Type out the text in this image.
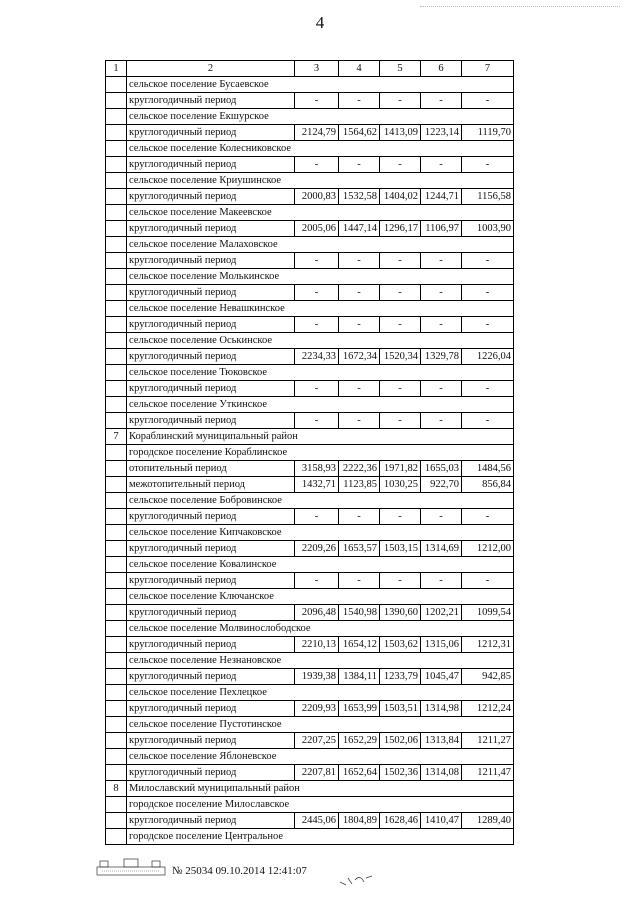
4
1	2	3	4	5	6	7
	сельское поселение Бусаевское					
	круглогодичный период	-	-	-	-	-
	сельское поселение Екшурское					
	круглогодичный период	2124,79	1564,62	1413,09	1223,14	1119,70
	сельское поселение Колесниковское					
	круглогодичный период	-	-	-	-	-
	сельское поселение Криушинское					
	круглогодичный период	2000,83	1532,58	1404,02	1244,71	1156,58
	сельское поселение Макеевское					
	круглогодичный период	2005,06	1447,14	1296,17	1106,97	1003,90
	сельское поселение Малаховское					
	круглогодичный период	-	-	-	-	-
	сельское поселение Молькинское					
	круглогодичный период	-	-	-	-	-
	сельское поселение Невашкинское					
	круглогодичный период	-	-	-	-	-
	сельское поселение Оськинское					
	круглогодичный период	2234,33	1672,34	1520,34	1329,78	1226,04
	сельское поселение Тюковское					
	круглогодичный период	-	-	-	-	-
	сельское поселение Уткинское					
	круглогодичный период	-	-	-	-	-
7	Кораблинский муниципальный район					
	городское поселение Кораблинское					
	отопительный период	3158,93	2222,36	1971,82	1655,03	1484,56
	межотопительный период	1432,71	1123,85	1030,25	922,70	856,84
	сельское поселение Бобровинское					
	круглогодичный период	-	-	-	-	-
	сельское поселение Кипчаковское					
	круглогодичный период	2209,26	1653,57	1503,15	1314,69	1212,00
	сельское поселение Ковалинское					
	круглогодичный период	-	-	-	-	-
	сельское поселение Ключанское					
	круглогодичный период	2096,48	1540,98	1390,60	1202,21	1099,54
	сельское поселение Молвинослободское					
	круглогодичный период	2210,13	1654,12	1503,62	1315,06	1212,31
	сельское поселение Незнановское					
	круглогодичный период	1939,38	1384,11	1233,79	1045,47	942,85
	сельское поселение Пехлецкое					
	круглогодичный период	2209,93	1653,99	1503,51	1314,98	1212,24
	сельское поселение Пустотинское					
	круглогодичный период	2207,25	1652,29	1502,06	1313,84	1211,27
	сельское поселение Яблоневское					
	круглогодичный период	2207,81	1652,64	1502,36	1314,08	1211,47
8	Милославский муниципальный район					
	городское поселение Милославское					
	круглогодичный период	2445,06	1804,89	1628,46	1410,47	1289,40
	городское поселение Центральное					
№ 25034 09.10.2014 12:41:07
